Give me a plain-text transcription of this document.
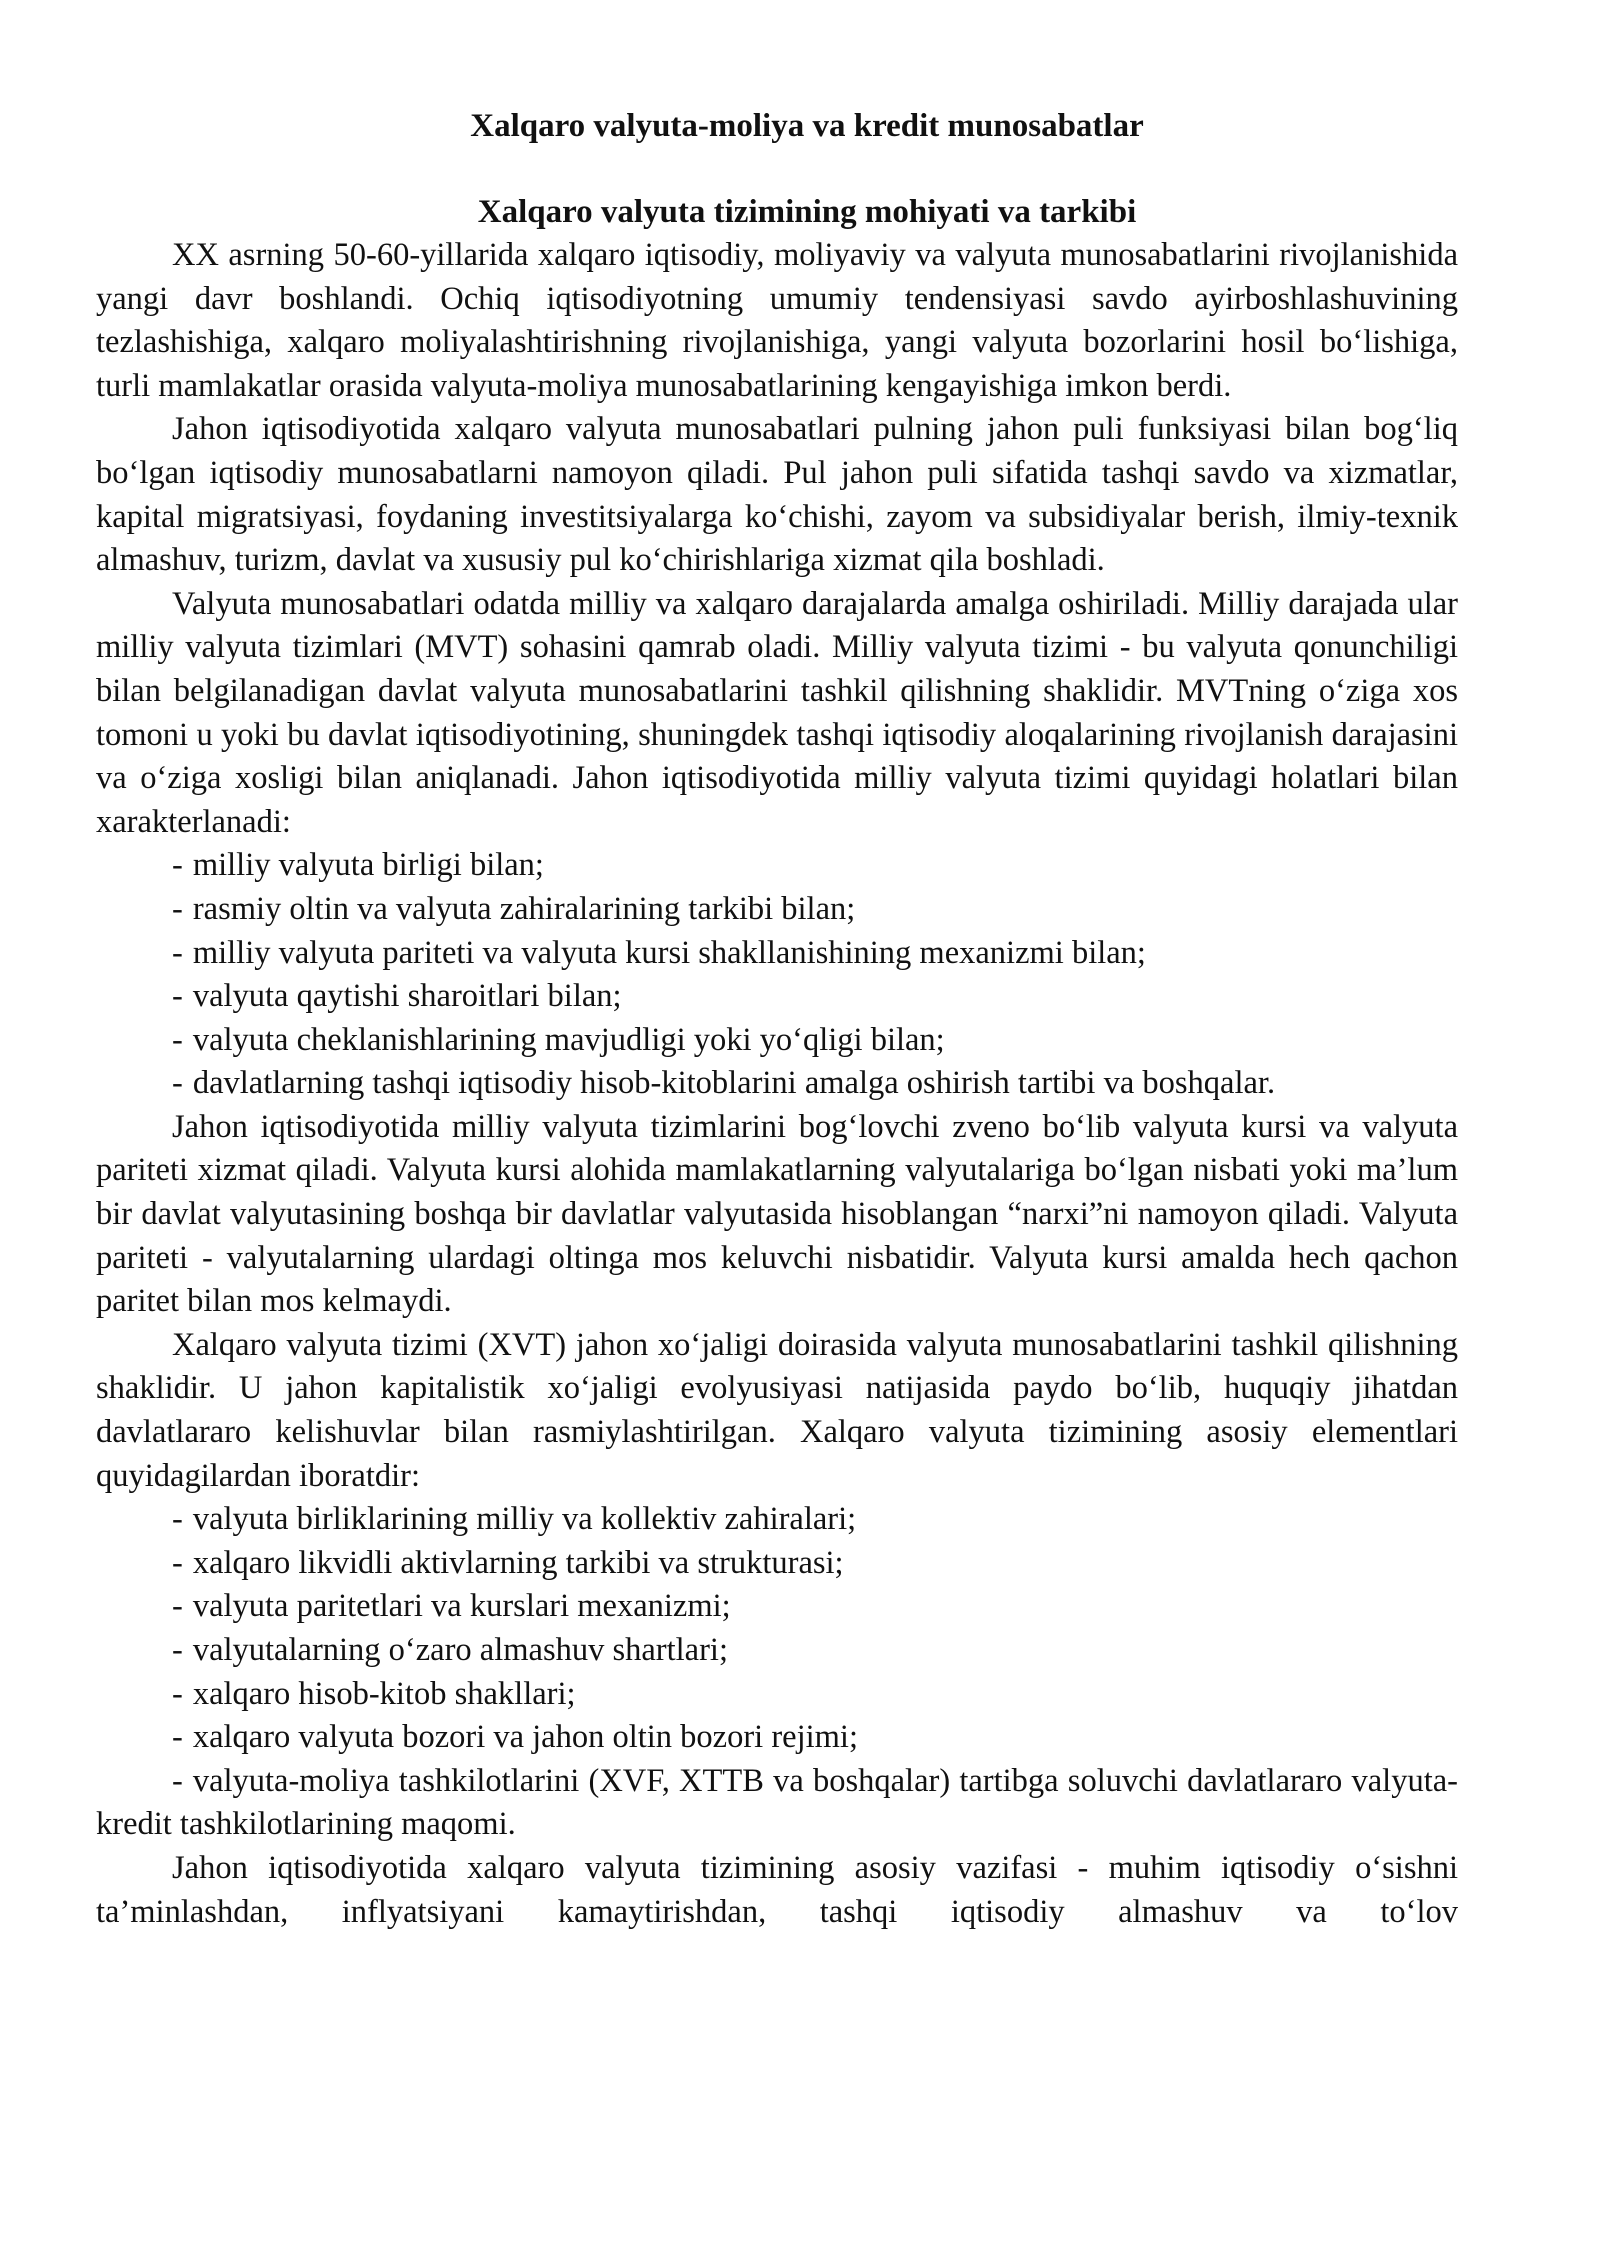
Xalqaro valyuta-moliya va kredit munosabatlar
Xalqaro valyuta tizimining mohiyati va tarkibi

XX asrning 50-60-yillarida xalqaro iqtisodiy, moliyaviy va valyuta munosabatlarini rivojlanishida yangi davr boshlandi. Ochiq iqtisodiyotning umumiy tendensiyasi savdo ayirboshlashuvining tezlashishiga, xalqaro moliyalashtirishning rivojlanishiga, yangi valyuta bozorlarini hosil bo‘lishiga, turli mamlakatlar orasida valyuta-moliya munosabatlarining kengayishiga imkon berdi.

Jahon iqtisodiyotida xalqaro valyuta munosabatlari pulning jahon puli funksiyasi bilan bog‘liq bo‘lgan iqtisodiy munosabatlarni namoyon qiladi. Pul jahon puli sifatida tashqi savdo va xizmatlar, kapital migratsiyasi, foydaning investitsiyalarga ko‘chishi, zayom va subsidiyalar berish, ilmiy-texnik almashuv, turizm, davlat va xususiy pul ko‘chirishlariga xizmat qila boshladi.

Valyuta munosabatlari odatda milliy va xalqaro darajalarda amalga oshiriladi. Milliy darajada ular milliy valyuta tizimlari (MVT) sohasini qamrab oladi. Milliy valyuta tizimi - bu valyuta qonunchiligi bilan belgilanadigan davlat valyuta munosabatlarini tashkil qilishning shaklidir. MVTning o‘ziga xos tomoni u yoki bu davlat iqtisodiyotining, shuningdek tashqi iqtisodiy aloqalarining rivojlanish darajasini va o‘ziga xosligi bilan aniqlanadi. Jahon iqtisodiyotida milliy valyuta tizimi quyidagi holatlari bilan xarakterlanadi:

- milliy valyuta birligi bilan;
- rasmiy oltin va valyuta zahiralarining tarkibi bilan;
- milliy valyuta pariteti va valyuta kursi shakllanishining mexanizmi bilan;
- valyuta qaytishi sharoitlari bilan;
- valyuta cheklanishlarining mavjudligi yoki yo‘qligi bilan;
- davlatlarning tashqi iqtisodiy hisob-kitoblarini amalga oshirish tartibi va boshqalar.

Jahon iqtisodiyotida milliy valyuta tizimlarini bog‘lovchi zveno bo‘lib valyuta kursi va valyuta pariteti xizmat qiladi. Valyuta kursi alohida mamlakatlarning valyutalariga bo‘lgan nisbati yoki ma’lum bir davlat valyutasining boshqa bir davlatlar valyutasida hisoblangan “narxi”ni namoyon qiladi. Valyuta pariteti - valyutalarning ulardagi oltinga mos keluvchi nisbatidir. Valyuta kursi amalda hech qachon paritet bilan mos kelmaydi.

Xalqaro valyuta tizimi (XVT) jahon xo‘jaligi doirasida valyuta munosabatlarini tashkil qilishning shaklidir. U jahon kapitalistik xo‘jaligi evolyusiyasi natijasida paydo bo‘lib, huquqiy jihatdan davlatlararo kelishuvlar bilan rasmiylashtirilgan. Xalqaro valyuta tizimining asosiy elementlari quyidagilardan iboratdir:

- valyuta birliklarining milliy va kollektiv zahiralari;
- xalqaro likvidli aktivlarning tarkibi va strukturasi;
- valyuta paritetlari va kurslari mexanizmi;
- valyutalarning o‘zaro almashuv shartlari;
- xalqaro hisob-kitob shakllari;
- xalqaro valyuta bozori va jahon oltin bozori rejimi;
- valyuta-moliya tashkilotlarini (XVF, XTTB va boshqalar) tartibga soluvchi davlatlararo valyuta-kredit tashkilotlarining maqomi.

Jahon iqtisodiyotida xalqaro valyuta tizimining asosiy vazifasi - muhim iqtisodiy o‘sishni ta’minlashdan, inflyatsiyani kamaytirishdan, tashqi iqtisodiy almashuv va to‘lov
